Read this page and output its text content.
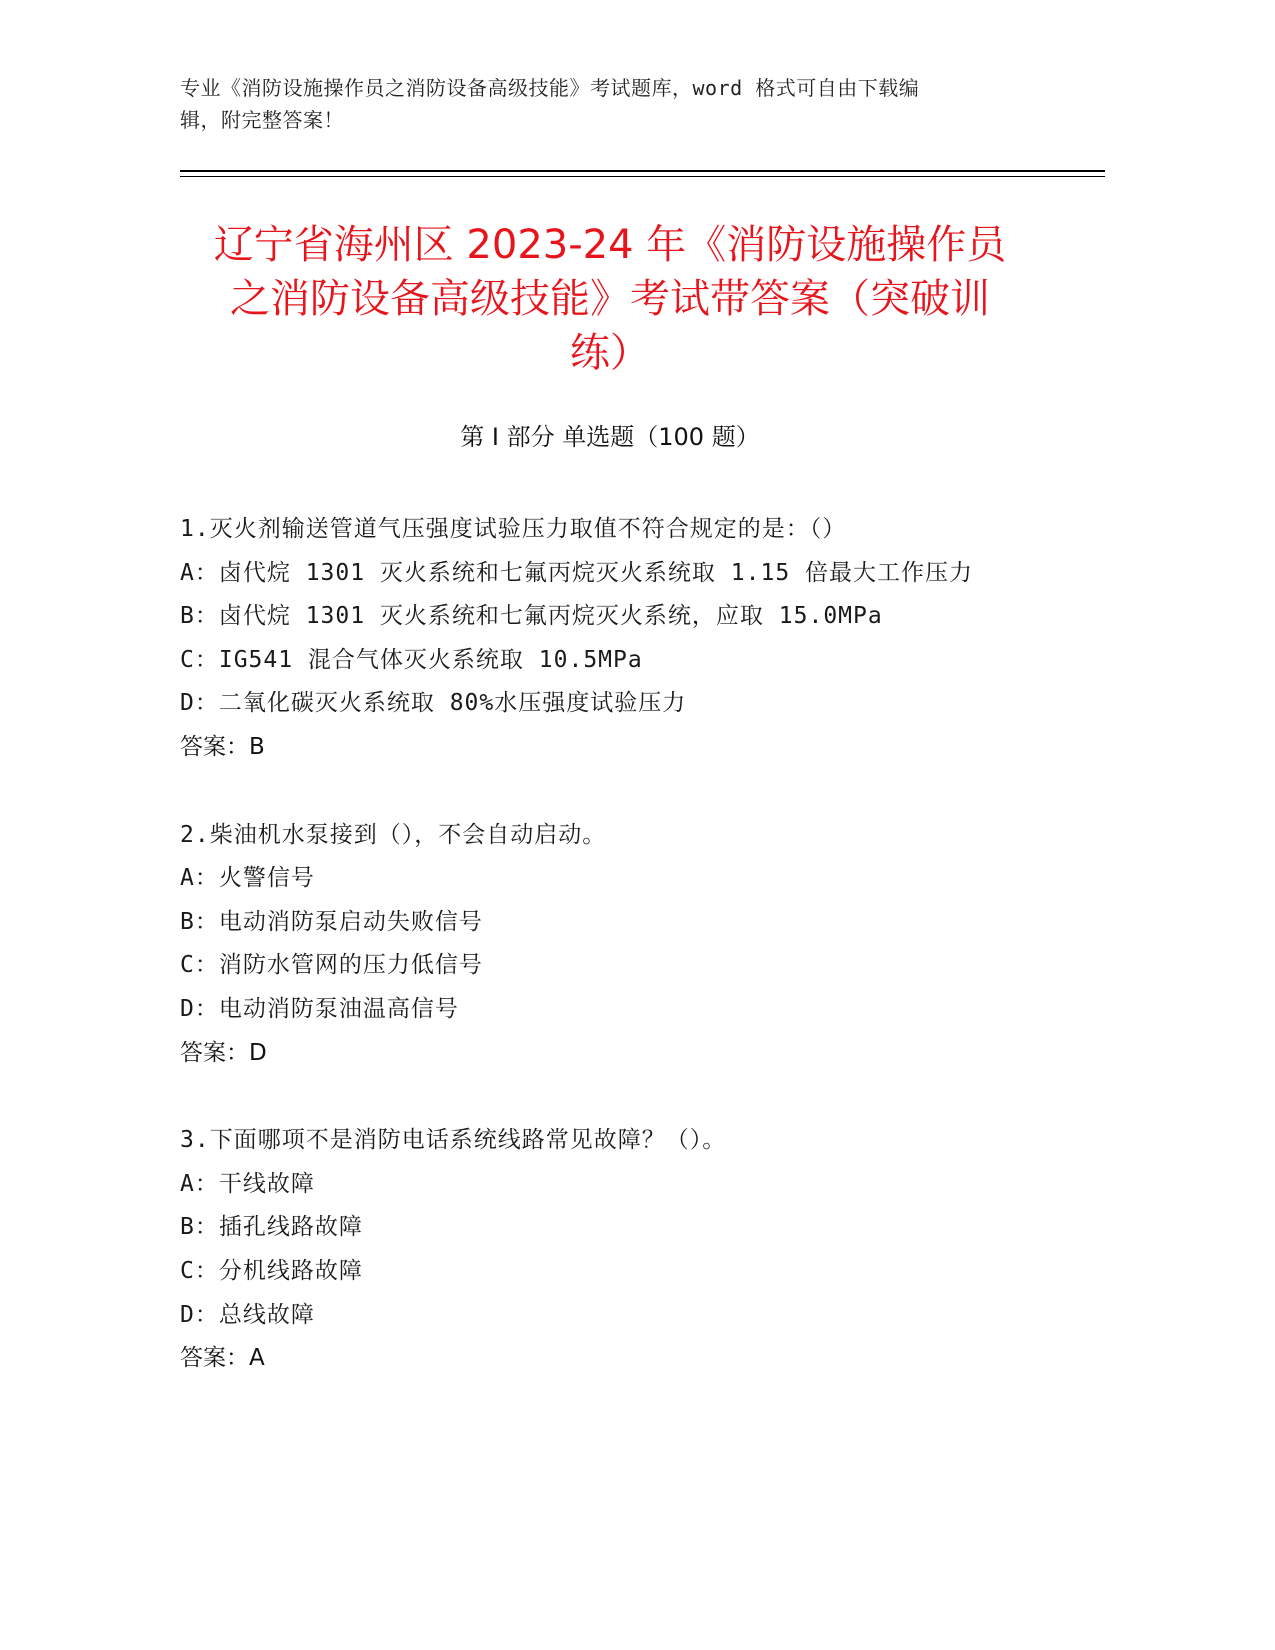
专业《消防设施操作员之消防设备高级技能》考试题库，word 格式可自由下载编
辑，附完整答案！
辽宁省海州区 2023-24 年《消防设施操作员
之消防设备高级技能》考试带答案（突破训
练）
第 I 部分 单选题（100 题）
1.灭火剂输送管道气压强度试验压力取值不符合规定的是：（）
A：卤代烷 1301 灭火系统和七氟丙烷灭火系统取 1.15 倍最大工作压力
B：卤代烷 1301 灭火系统和七氟丙烷灭火系统，应取 15.0MPa
C：IG541 混合气体灭火系统取 10.5MPa
D：二氧化碳灭火系统取 80%水压强度试验压力
答案：B
2.柴油机水泵接到（），不会自动启动。
A：火警信号
B：电动消防泵启动失败信号
C：消防水管网的压力低信号
D：电动消防泵油温高信号
答案：D
3.下面哪项不是消防电话系统线路常见故障？（）。
A：干线故障
B：插孔线路故障
C：分机线路故障
D：总线故障
答案：A
